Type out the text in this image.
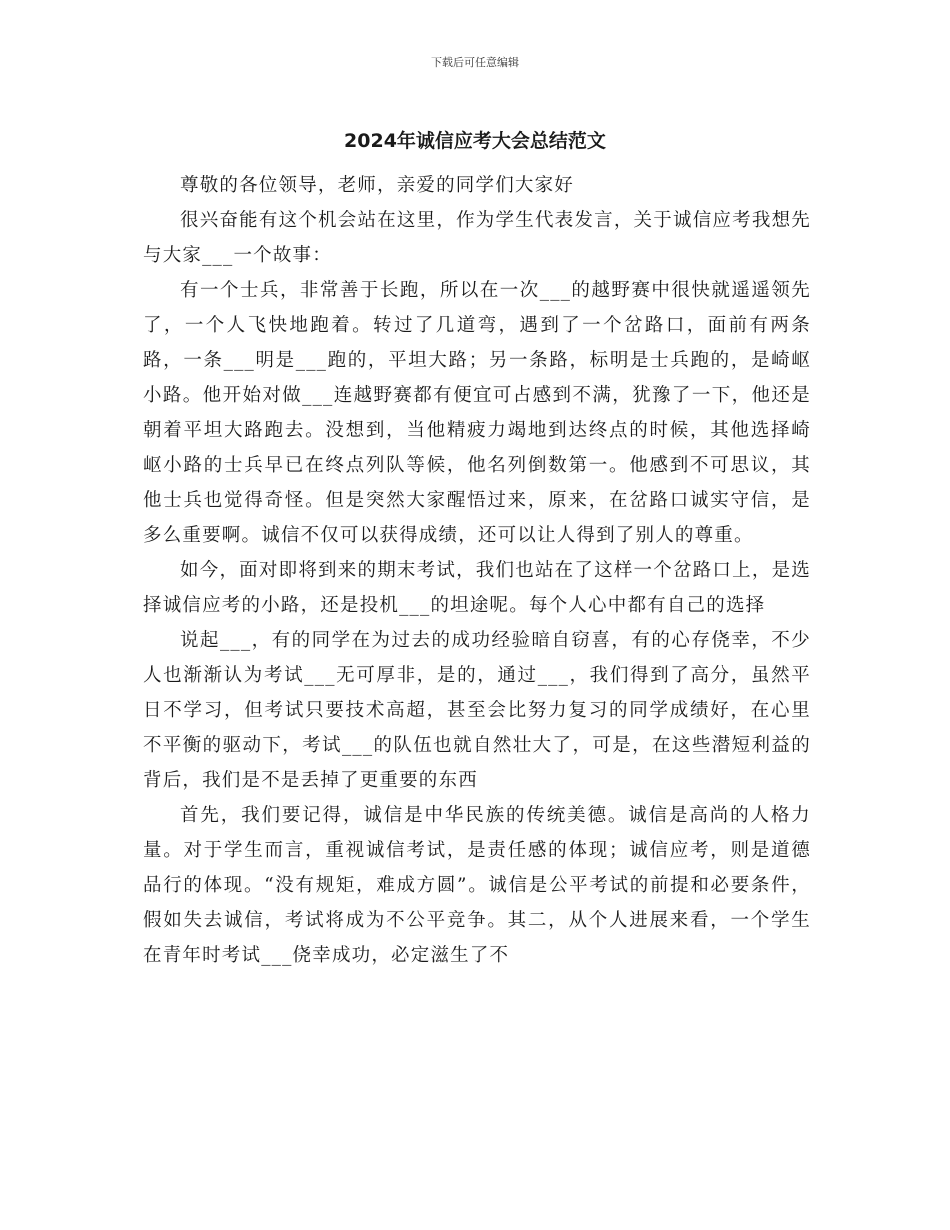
下载后可任意编辑
2024年诚信应考大会总结范文

尊敬的各位领导，老师，亲爱的同学们大家好

很兴奋能有这个机会站在这里，作为学生代表发言，关于诚信应考我想先与大家___一个故事：

有一个士兵，非常善于长跑，所以在一次___的越野赛中很快就遥遥领先了，一个人飞快地跑着。转过了几道弯，遇到了一个岔路口，面前有两条路，一条___明是___跑的，平坦大路；另一条路，标明是士兵跑的，是崎岖小路。他开始对做___连越野赛都有便宜可占感到不满，犹豫了一下，他还是朝着平坦大路跑去。没想到，当他精疲力竭地到达终点的时候，其他选择崎岖小路的士兵早已在终点列队等候，他名列倒数第一。他感到不可思议，其他士兵也觉得奇怪。但是突然大家醒悟过来，原来，在岔路口诚实守信，是多么重要啊。诚信不仅可以获得成绩，还可以让人得到了别人的尊重。

如今，面对即将到来的期末考试，我们也站在了这样一个岔路口上，是选择诚信应考的小路，还是投机___的坦途呢。每个人心中都有自己的选择

说起___，有的同学在为过去的成功经验暗自窃喜，有的心存侥幸，不少人也渐渐认为考试___无可厚非，是的，通过___，我们得到了高分，虽然平日不学习，但考试只要技术高超，甚至会比努力复习的同学成绩好，在心里不平衡的驱动下，考试___的队伍也就自然壮大了，可是，在这些潜短利益的背后，我们是不是丢掉了更重要的东西

首先，我们要记得，诚信是中华民族的传统美德。诚信是高尚的人格力量。对于学生而言，重视诚信考试，是责任感的体现；诚信应考，则是道德品行的体现。“没有规矩，难成方圆”。诚信是公平考试的前提和必要条件，假如失去诚信，考试将成为不公平竞争。其二，从个人进展来看，一个学生在青年时考试___侥幸成功，必定滋生了不
